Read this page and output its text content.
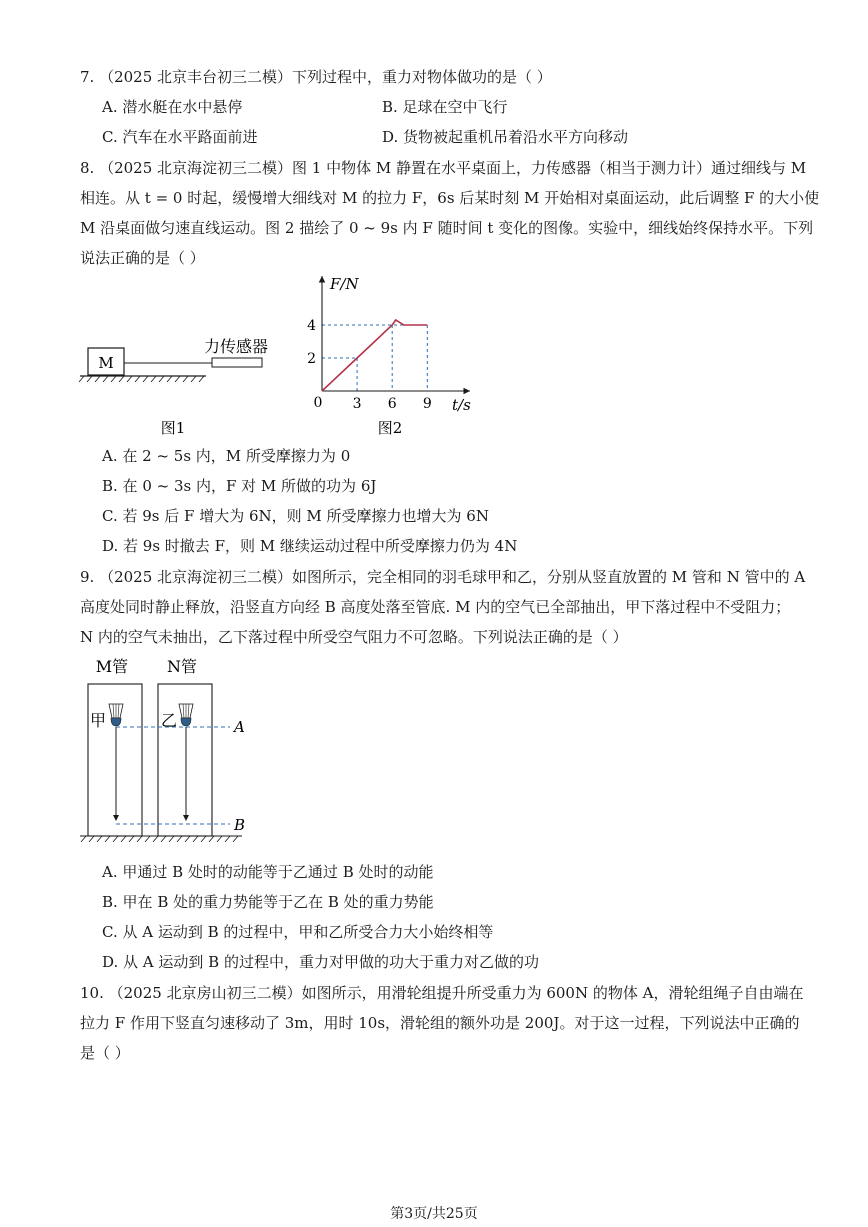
7. （2025 北京丰台初三二模）下列过程中，重力对物体做功的是（ ）
A. 潜水艇在水中悬停	B. 足球在空中飞行
C. 汽车在水平路面前进	D. 货物被起重机吊着沿水平方向移动
8. （2025 北京海淀初三二模）图 1 中物体 M 静置在水平桌面上，力传感器（相当于测力计）通过细线与 M
相连。从 t = 0 时起，缓慢增大细线对 M 的拉力 F，6s 后某时刻 M 开始相对桌面运动，此后调整 F 的大小使
M 沿桌面做匀速直线运动。图 2 描绘了 0 ~ 9s 内 F 随时间 t 变化的图像。实验中，细线始终保持水平。下列
说法正确的是（ ）
M
力传感器
图1
3 6 9
2
4
F/N
t/s
0
图2
A. 在 2 ~ 5s 内，M 所受摩擦力为 0
B. 在 0 ~ 3s 内，F 对 M 所做的功为 6J
C. 若 9s 后 F 增大为 6N，则 M 所受摩擦力也增大为 6N
D. 若 9s 时撤去 F，则 M 继续运动过程中所受摩擦力仍为 4N
9. （2025 北京海淀初三二模）如图所示，完全相同的羽毛球甲和乙，分别从竖直放置的 M 管和 N 管中的 A
高度处同时静止释放，沿竖直方向经 B 高度处落至管底. M 内的空气已全部抽出，甲下落过程中不受阻力；
N 内的空气未抽出，乙下落过程中所受空气阻力不可忽略。下列说法正确的是（ ）
M管 N管
甲	乙	A
B
A. 甲通过 B 处时的动能等于乙通过 B 处时的动能
B. 甲在 B 处的重力势能等于乙在 B 处的重力势能
C. 从 A 运动到 B 的过程中，甲和乙所受合力大小始终相等
D. 从 A 运动到 B 的过程中，重力对甲做的功大于重力对乙做的功
10. （2025 北京房山初三二模）如图所示，用滑轮组提升所受重力为 600N 的物体 A，滑轮组绳子自由端在
拉力 F 作用下竖直匀速移动了 3m，用时 10s，滑轮组的额外功是 200J。对于这一过程，下列说法中正确的
是（ ）
第3页/共25页
